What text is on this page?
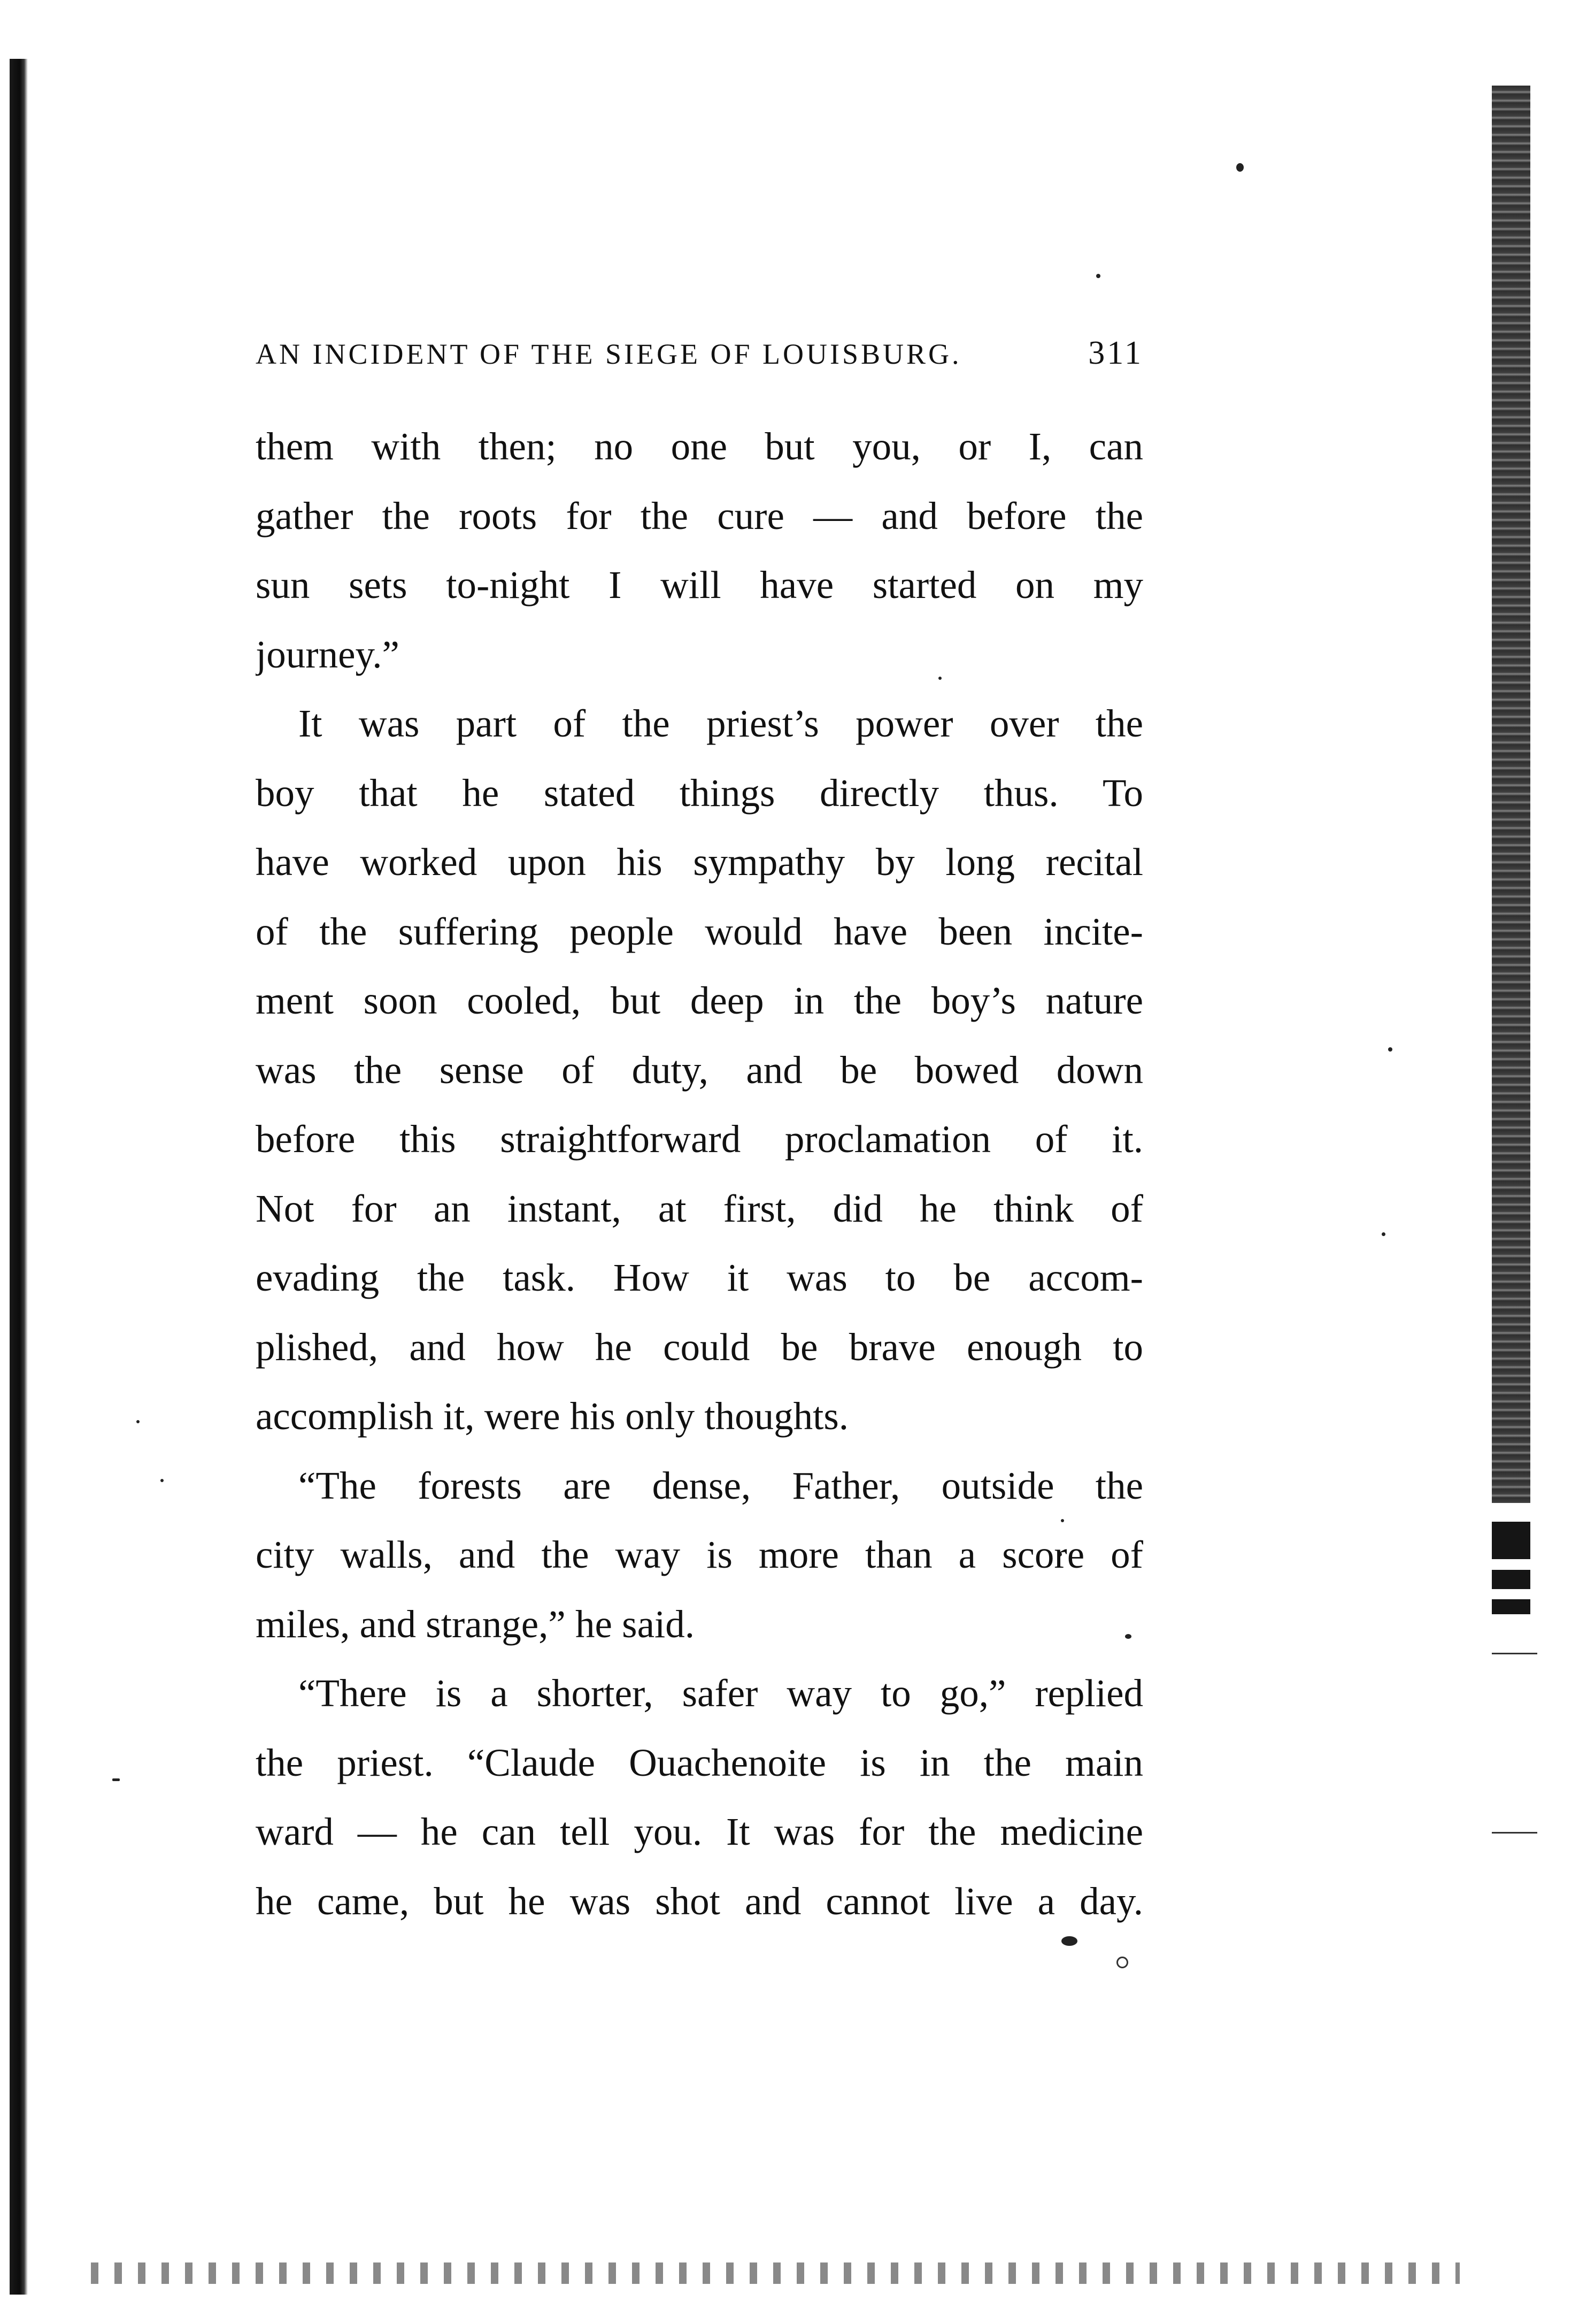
AN INCIDENT OF THE SIEGE OF LOUISBURG.	311
them with then; no one but you, or I, can
gather the roots for the cure — and before the
sun sets to-night I will have started on my
journey.”
It was part of the priest’s power over the
boy that he stated things directly thus. To
have worked upon his sympathy by long recital
of the suffering people would have been incite-
ment soon cooled, but deep in the boy’s nature
was the sense of duty, and be bowed down
before this straightforward proclamation of it.
Not for an instant, at first, did he think of
evading the task. How it was to be accom-
plished, and how he could be brave enough to
accomplish it, were his only thoughts.
“The forests are dense, Father, outside the
city walls, and the way is more than a score of
miles, and strange,” he said.
“There is a shorter, safer way to go,” replied
the priest. “Claude Ouachenoite is in the main
ward — he can tell you. It was for the medicine
he came, but he was shot and cannot live a day.
